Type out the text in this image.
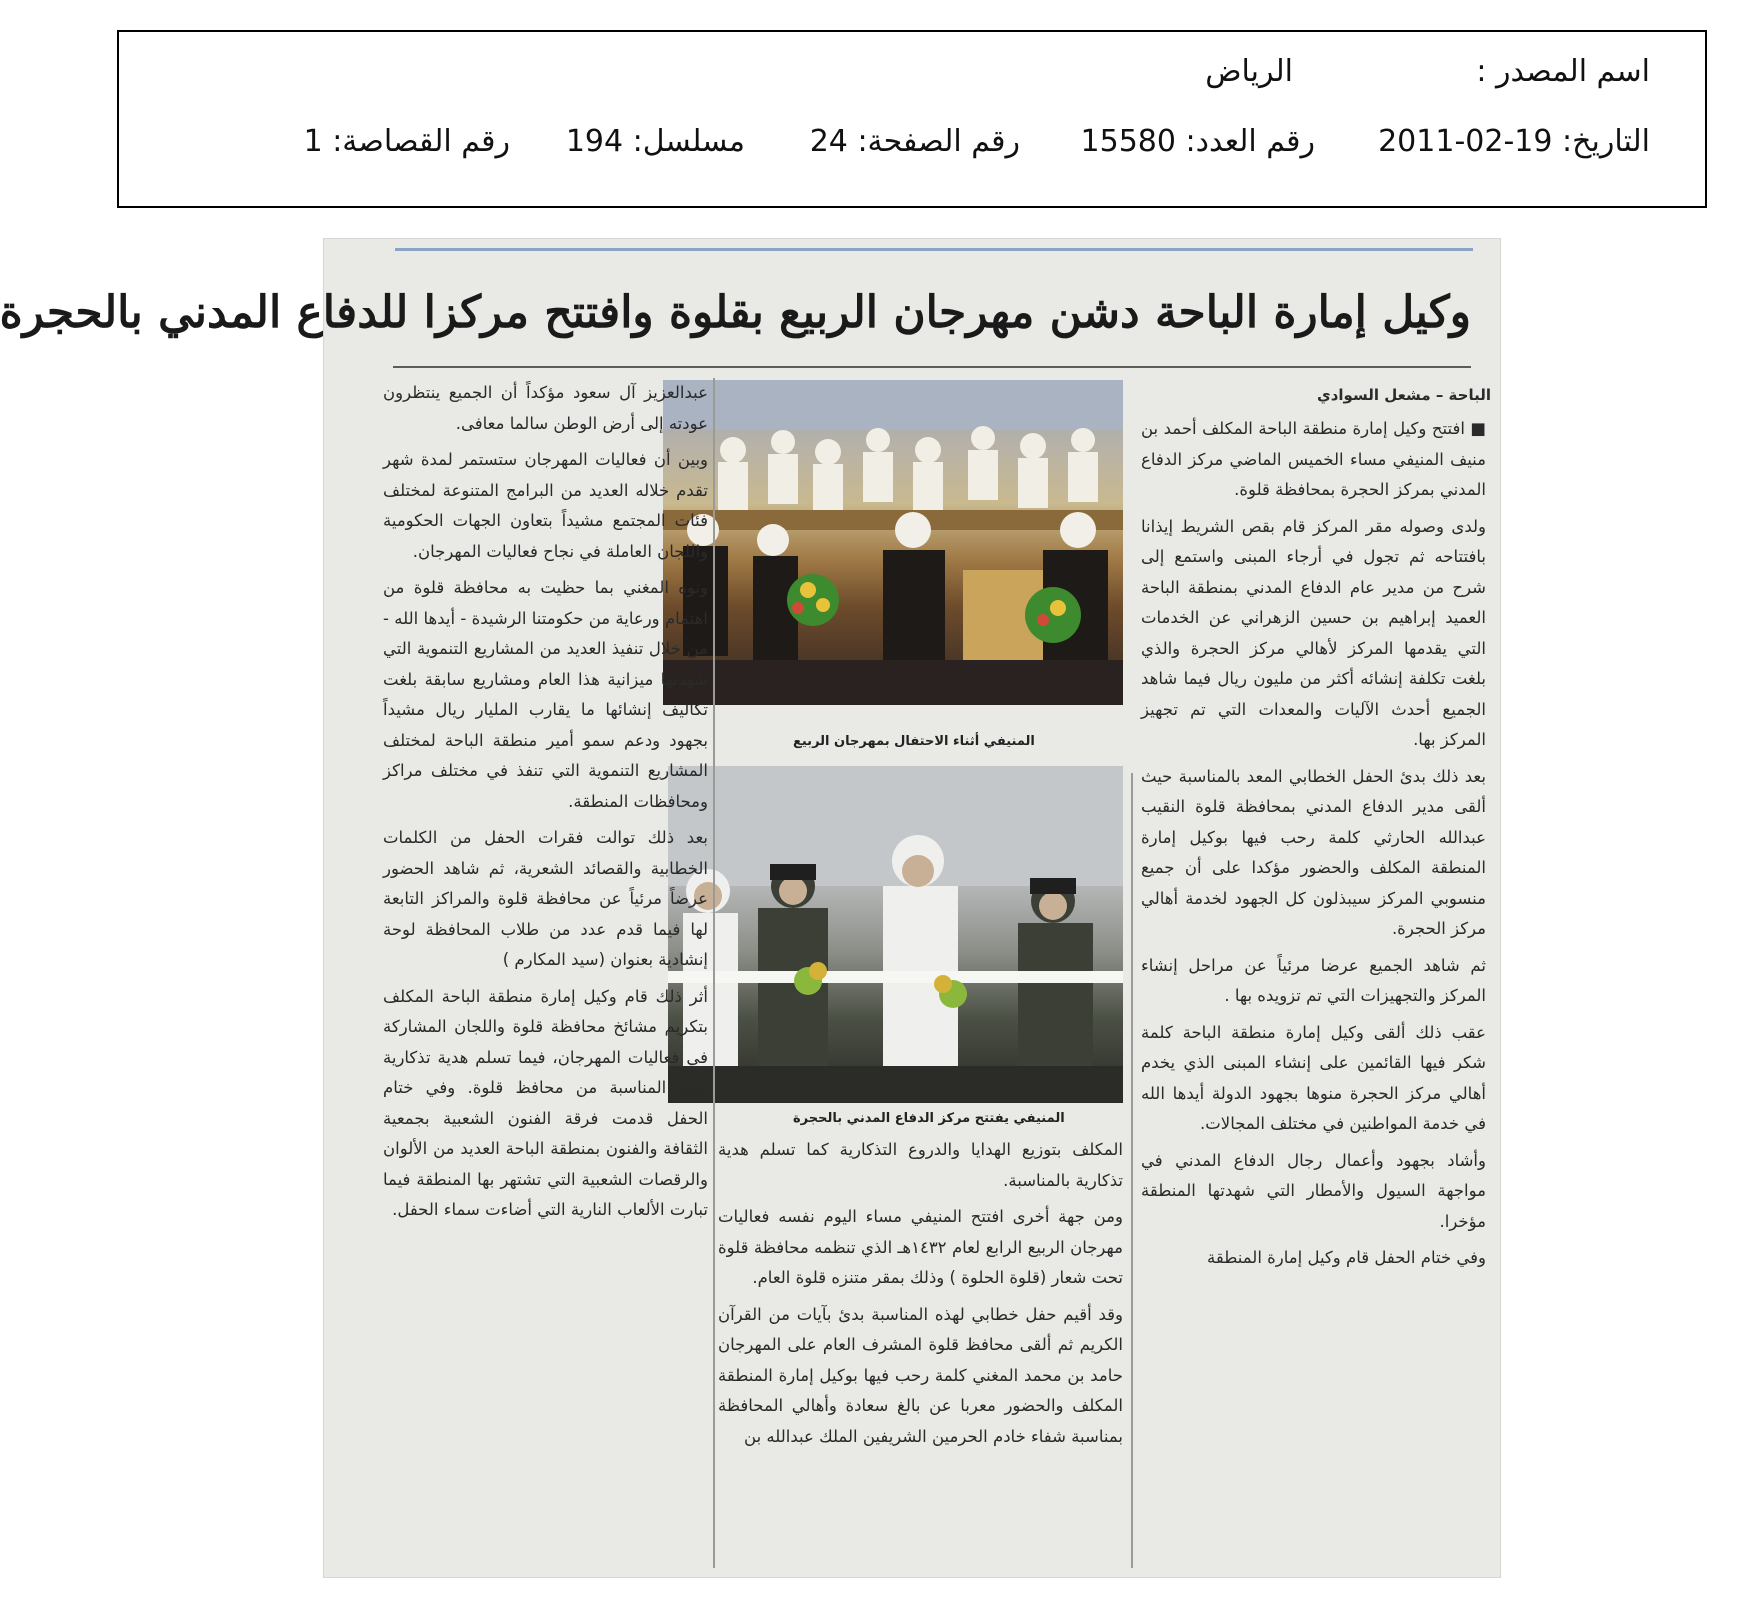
اسم المصدر :
الرياض
التاريخ: 19-02-2011
رقم العدد: 15580
رقم الصفحة: 24
مسلسل: 194
رقم القصاصة: 1
وكيل إمارة الباحة دشن مهرجان الربيع بقلوة وافتتح مركزا للدفاع المدني بالحجرة
الباحة – مشعل السوادي

■ افتتح وكيل إمارة منطقة الباحة المكلف أحمد بن منيف المنيفي مساء الخميس الماضي مركز الدفاع المدني بمركز الحجرة بمحافظة قلوة.

ولدى وصوله مقر المركز قام بقص الشريط إيذانا بافتتاحه ثم تجول في أرجاء المبنى واستمع إلى شرح من مدير عام الدفاع المدني بمنطقة الباحة العميد إبراهيم بن حسين الزهراني عن الخدمات التي يقدمها المركز لأهالي مركز الحجرة والذي بلغت تكلفة إنشائه أكثر من مليون ريال فيما شاهد الجميع أحدث الآليات والمعدات التي تم تجهيز المركز بها.

بعد ذلك بدئ الحفل الخطابي المعد بالمناسبة حيث ألقى مدير الدفاع المدني بمحافظة قلوة النقيب عبدالله الحارثي كلمة رحب فيها بوكيل إمارة المنطقة المكلف والحضور مؤكدا على أن جميع منسوبي المركز سيبذلون كل الجهود لخدمة أهالي مركز الحجرة.

ثم شاهد الجميع عرضا مرئياً عن مراحل إنشاء المركز والتجهيزات التي تم تزويده بها .

عقب ذلك ألقى وكيل إمارة منطقة الباحة كلمة شكر فيها القائمين على إنشاء المبنى الذي يخدم أهالي مركز الحجرة منوها بجهود الدولة أيدها الله في خدمة المواطنين في مختلف المجالات.

وأشاد بجهود وأعمال رجال الدفاع المدني في مواجهة السيول والأمطار التي شهدتها المنطقة مؤخرا.

وفي ختام الحفل قام وكيل إمارة المنطقة

المنيفي أثناء الاحتفال بمهرجان الربيع
المنيفي يفتتح مركز الدفاع المدني بالحجرة

المكلف بتوزيع الهدايا والدروع التذكارية كما تسلم هدية تذكارية بالمناسبة.

ومن جهة أخرى افتتح المنيفي مساء اليوم نفسه فعاليات مهرجان الربيع الرابع لعام ١٤٣٢هـ الذي تنظمه محافظة قلوة تحت شعار (قلوة الحلوة ) وذلك بمقر متنزه قلوة العام.

وقد أقيم حفل خطابي لهذه المناسبة بدئ بآيات من القرآن الكريم ثم ألقى محافظ قلوة المشرف العام على المهرجان حامد بن محمد المغني كلمة رحب فيها بوكيل إمارة المنطقة المكلف والحضور معربا عن بالغ سعادة وأهالي المحافظة بمناسبة شفاء خادم الحرمين الشريفين الملك عبدالله بن

عبدالعزيز آل سعود مؤكداً أن الجميع ينتظرون عودته إلى أرض الوطن سالما معافى.

وبين أن فعاليات المهرجان ستستمر لمدة شهر تقدم خلاله العديد من البرامج المتنوعة لمختلف فئات المجتمع مشيداً بتعاون الجهات الحكومية واللجان العاملة في نجاح فعاليات المهرجان.

ونوه المغني بما حظيت به محافظة قلوة من اهتمام ورعاية من حكومتنا الرشيدة - أيدها الله - من خلال تنفيذ العديد من المشاريع التنموية التي شهدتها ميزانية هذا العام ومشاريع سابقة بلغت تكاليف إنشائها ما يقارب المليار ريال مشيداً بجهود ودعم سمو أمير منطقة الباحة لمختلف المشاريع التنموية التي تنفذ في مختلف مراكز ومحافظات المنطقة.

بعد ذلك توالت فقرات الحفل من الكلمات الخطابية والقصائد الشعرية، ثم شاهد الحضور عرضاً مرئياً عن محافظة قلوة والمراكز التابعة لها فيما قدم عدد من طلاب المحافظة لوحة إنشادية بعنوان (سيد المكارم )

أثر ذلك قام وكيل إمارة منطقة الباحة المكلف بتكريم مشائخ محافظة قلوة واللجان المشاركة في فعاليات المهرجان، فيما تسلم هدية تذكارية بهذه المناسبة من محافظ قلوة. وفي ختام الحفل قدمت فرقة الفنون الشعبية بجمعية الثقافة والفنون بمنطقة الباحة العديد من الألوان والرقصات الشعبية التي تشتهر بها المنطقة فيما تبارت الألعاب النارية التي أضاءت سماء الحفل.
